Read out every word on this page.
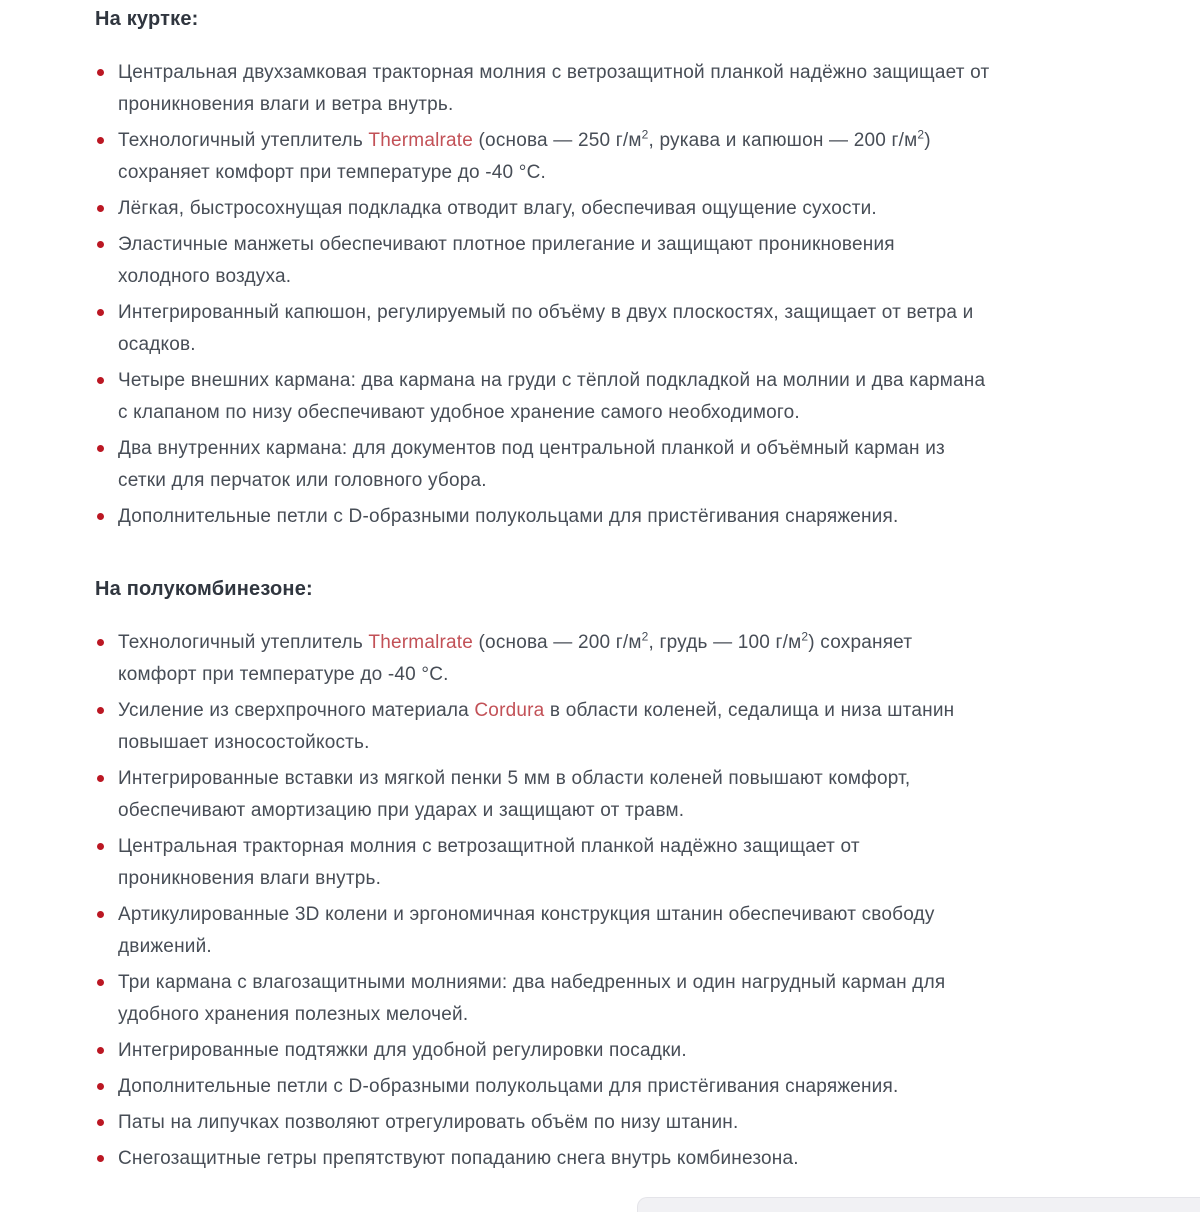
На куртке:
Центральная двухзамковая тракторная молния с ветрозащитной планкой надёжно защищает от проникновения влаги и ветра внутрь.
Технологичный утеплитель Thermalrate (основа — 250 $г/м^2$, рукава и капюшон — 200 $г/м^2$) сохраняет комфорт при температуре до -40 °C.
Лёгкая, быстросохнущая подкладка отводит влагу, обеспечивая ощущение сухости.
Эластичные манжеты обеспечивают плотное прилегание и защищают проникновения холодного воздуха.
Интегрированный капюшон, регулируемый по объёму в двух плоскостях, защищает от ветра и осадков.
Четыре внешних кармана: два кармана на груди с тёплой подкладкой на молнии и два кармана с клапаном по низу обеспечивают удобное хранение самого необходимого.
Два внутренних кармана: для документов под центральной планкой и объёмный карман из сетки для перчаток или головного убора.
Дополнительные петли с D-образными полукольцами для пристёгивания снаряжения.
На полукомбинезоне:
Технологичный утеплитель Thermalrate (основа — 200 $г/м^2$, грудь — 100 $г/м^2$) сохраняет комфорт при температуре до -40 °C.
Усиление из сверхпрочного материала Cordura в области коленей, седалища и низа штанин повышает износостойкость.
Интегрированные вставки из мягкой пенки 5 мм в области коленей повышают комфорт, обеспечивают амортизацию при ударах и защищают от травм.
Центральная тракторная молния с ветрозащитной планкой надёжно защищает от проникновения влаги внутрь.
Артикулированные 3D колени и эргономичная конструкция штанин обеспечивают свободу движений.
Три кармана с влагозащитными молниями: два набедренных и один нагрудный карман для удобного хранения полезных мелочей.
Интегрированные подтяжки для удобной регулировки посадки.
Дополнительные петли с D-образными полукольцами для пристёгивания снаряжения.
Паты на липучках позволяют отрегулировать объём по низу штанин.
Снегозащитные гетры препятствуют попаданию снега внутрь комбинезона.
